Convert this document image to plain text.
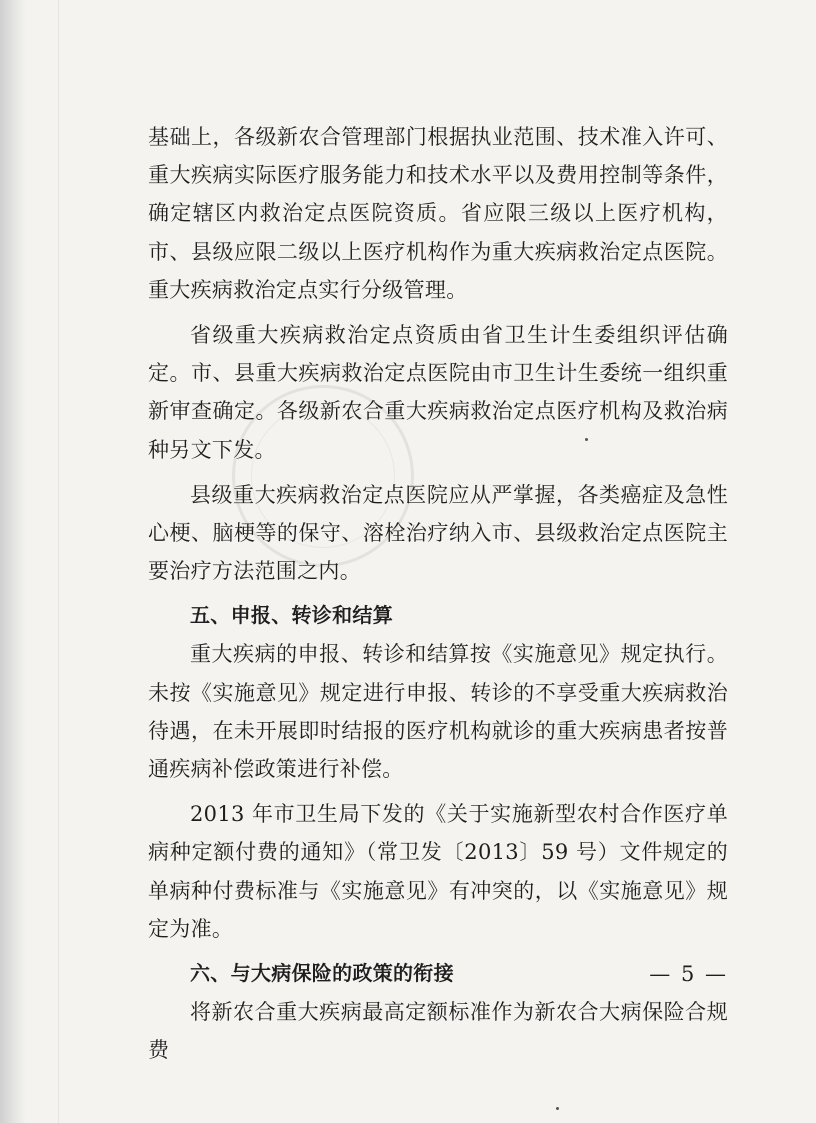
基础上，各级新农合管理部门根据执业范围、技术准入许可、重大疾病实际医疗服务能力和技术水平以及费用控制等条件，确定辖区内救治定点医院资质。省应限三级以上医疗机构，市、县级应限二级以上医疗机构作为重大疾病救治定点医院。重大疾病救治定点实行分级管理。

省级重大疾病救治定点资质由省卫生计生委组织评估确定。市、县重大疾病救治定点医院由市卫生计生委统一组织重新审查确定。各级新农合重大疾病救治定点医疗机构及救治病种另文下发。

县级重大疾病救治定点医院应从严掌握，各类癌症及急性心梗、脑梗等的保守、溶栓治疗纳入市、县级救治定点医院主要治疗方法范围之内。

五、申报、转诊和结算

重大疾病的申报、转诊和结算按《实施意见》规定执行。未按《实施意见》规定进行申报、转诊的不享受重大疾病救治待遇，在未开展即时结报的医疗机构就诊的重大疾病患者按普通疾病补偿政策进行补偿。

2013 年市卫生局下发的《关于实施新型农村合作医疗单病种定额付费的通知》（常卫发〔2013〕59 号）文件规定的单病种付费标准与《实施意见》有冲突的，以《实施意见》规定为准。

六、与大病保险的政策的衔接

将新农合重大疾病最高定额标准作为新农合大病保险合规费

— 5 —
